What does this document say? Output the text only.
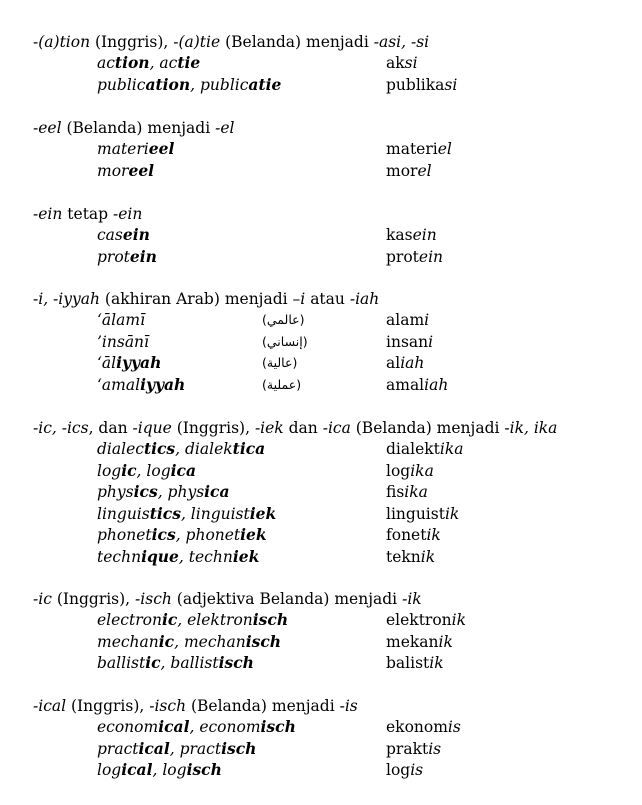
-(a)tion (Inggris), -(a)tie (Belanda) menjadi -asi, -si
action, actie	aksi
publication, publicatie	publikasi
-eel (Belanda) menjadi -el
materieel	materiel
moreel	morel
-ein tetap -ein
casein	kasein
protein	protein
-i, -iyyah (akhiran Arab) menjadi –i atau -iah
‘ālamī	(عالمي)	alami
’insānī	(إنساني)	insani
‘āliyyah	(عالية)	aliah
‘amaliyyah	(عملية)	amaliah
-ic, -ics, dan -ique (Inggris), -iek dan -ica (Belanda) menjadi -ik, ika
dialectics, dialektica	dialektika
logic, logica	logika
physics, physica	fisika
linguistics, linguistiek	linguistik
phonetics, phonetiek	fonetik
technique, techniek	teknik
-ic (Inggris), -isch (adjektiva Belanda) menjadi -ik
electronic, elektronisch	elektronik
mechanic, mechanisch	mekanik
ballistic, ballistisch	balistik
-ical (Inggris), -isch (Belanda) menjadi -is
economical, economisch	ekonomis
practical, practisch	praktis
logical, logisch	logis
